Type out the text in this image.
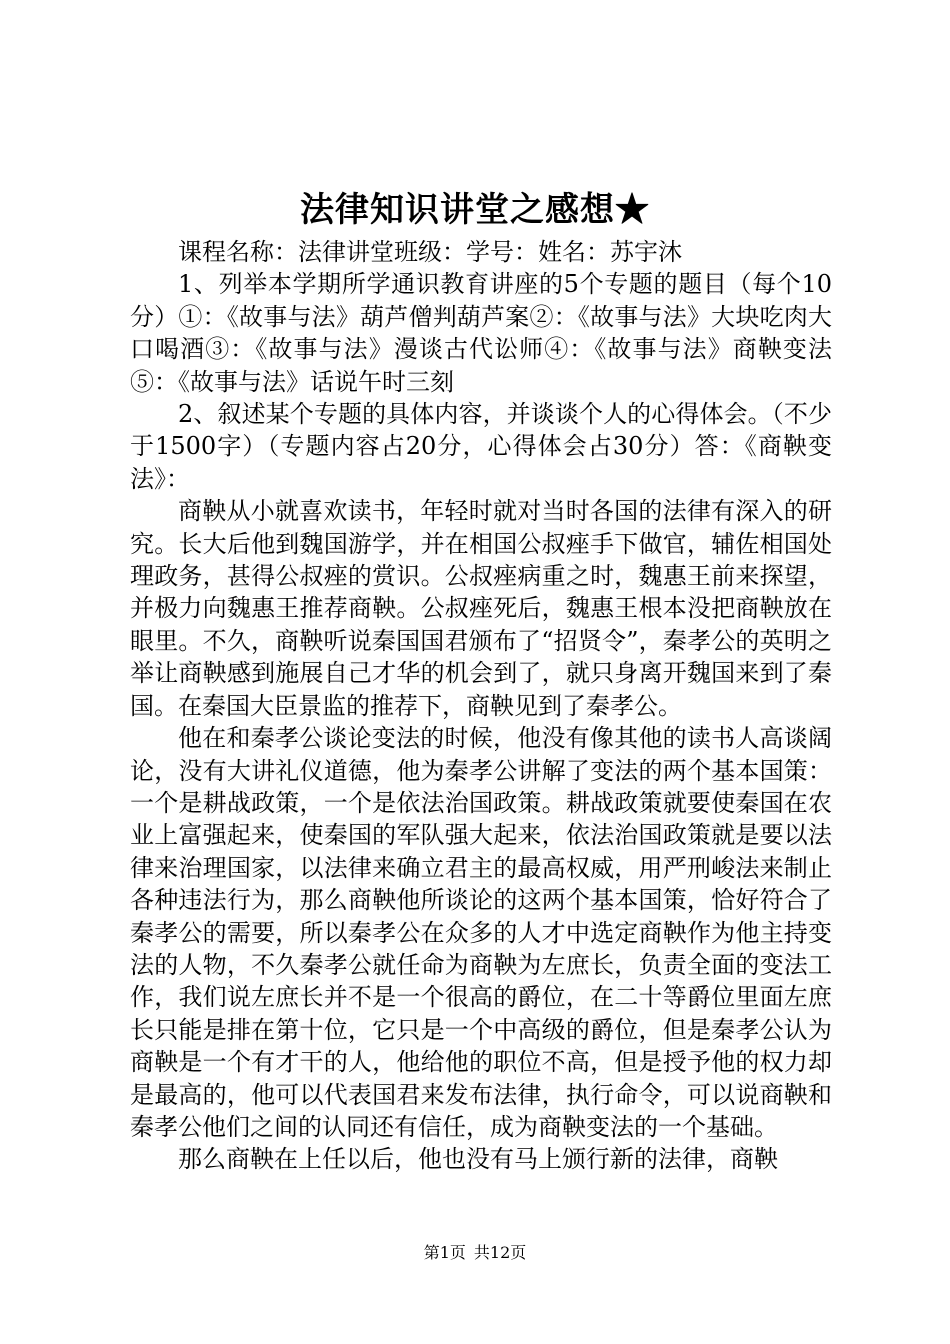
法律知识讲堂之感想★

课程名称：法律讲堂班级：学号：姓名：苏宇沐

1、列举本学期所学通识教育讲座的5个专题的题目（每个10分）①：《故事与法》葫芦僧判葫芦案②：《故事与法》大块吃肉大口喝酒③：《故事与法》漫谈古代讼师④：《故事与法》商鞅变法⑤：《故事与法》话说午时三刻

2、叙述某个专题的具体内容，并谈谈个人的心得体会。（不少于1500字）（专题内容占20分，心得体会占30分）答：《商鞅变法》：

商鞅从小就喜欢读书，年轻时就对当时各国的法律有深入的研究。长大后他到魏国游学，并在相国公叔痤手下做官，辅佐相国处理政务，甚得公叔痤的赏识。公叔痤病重之时，魏惠王前来探望，并极力向魏惠王推荐商鞅。公叔痤死后，魏惠王根本没把商鞅放在眼里。不久，商鞅听说秦国国君颁布了“招贤令”，秦孝公的英明之举让商鞅感到施展自己才华的机会到了，就只身离开魏国来到了秦国。在秦国大臣景监的推荐下，商鞅见到了秦孝公。

他在和秦孝公谈论变法的时候，他没有像其他的读书人高谈阔论，没有大讲礼仪道德，他为秦孝公讲解了变法的两个基本国策：一个是耕战政策，一个是依法治国政策。耕战政策就要使秦国在农业上富强起来，使秦国的军队强大起来，依法治国政策就是要以法律来治理国家，以法律来确立君主的最高权威，用严刑峻法来制止各种违法行为，那么商鞅他所谈论的这两个基本国策，恰好符合了秦孝公的需要，所以秦孝公在众多的人才中选定商鞅作为他主持变法的人物，不久秦孝公就任命为商鞅为左庶长，负责全面的变法工作，我们说左庶长并不是一个很高的爵位，在二十等爵位里面左庶长只能是排在第十位，它只是一个中高级的爵位，但是秦孝公认为商鞅是一个有才干的人，他给他的职位不高，但是授予他的权力却是最高的，他可以代表国君来发布法律，执行命令，可以说商鞅和秦孝公他们之间的认同还有信任，成为商鞅变法的一个基础。

那么商鞅在上任以后，他也没有马上颁行新的法律，商鞅

第1页 共12页
